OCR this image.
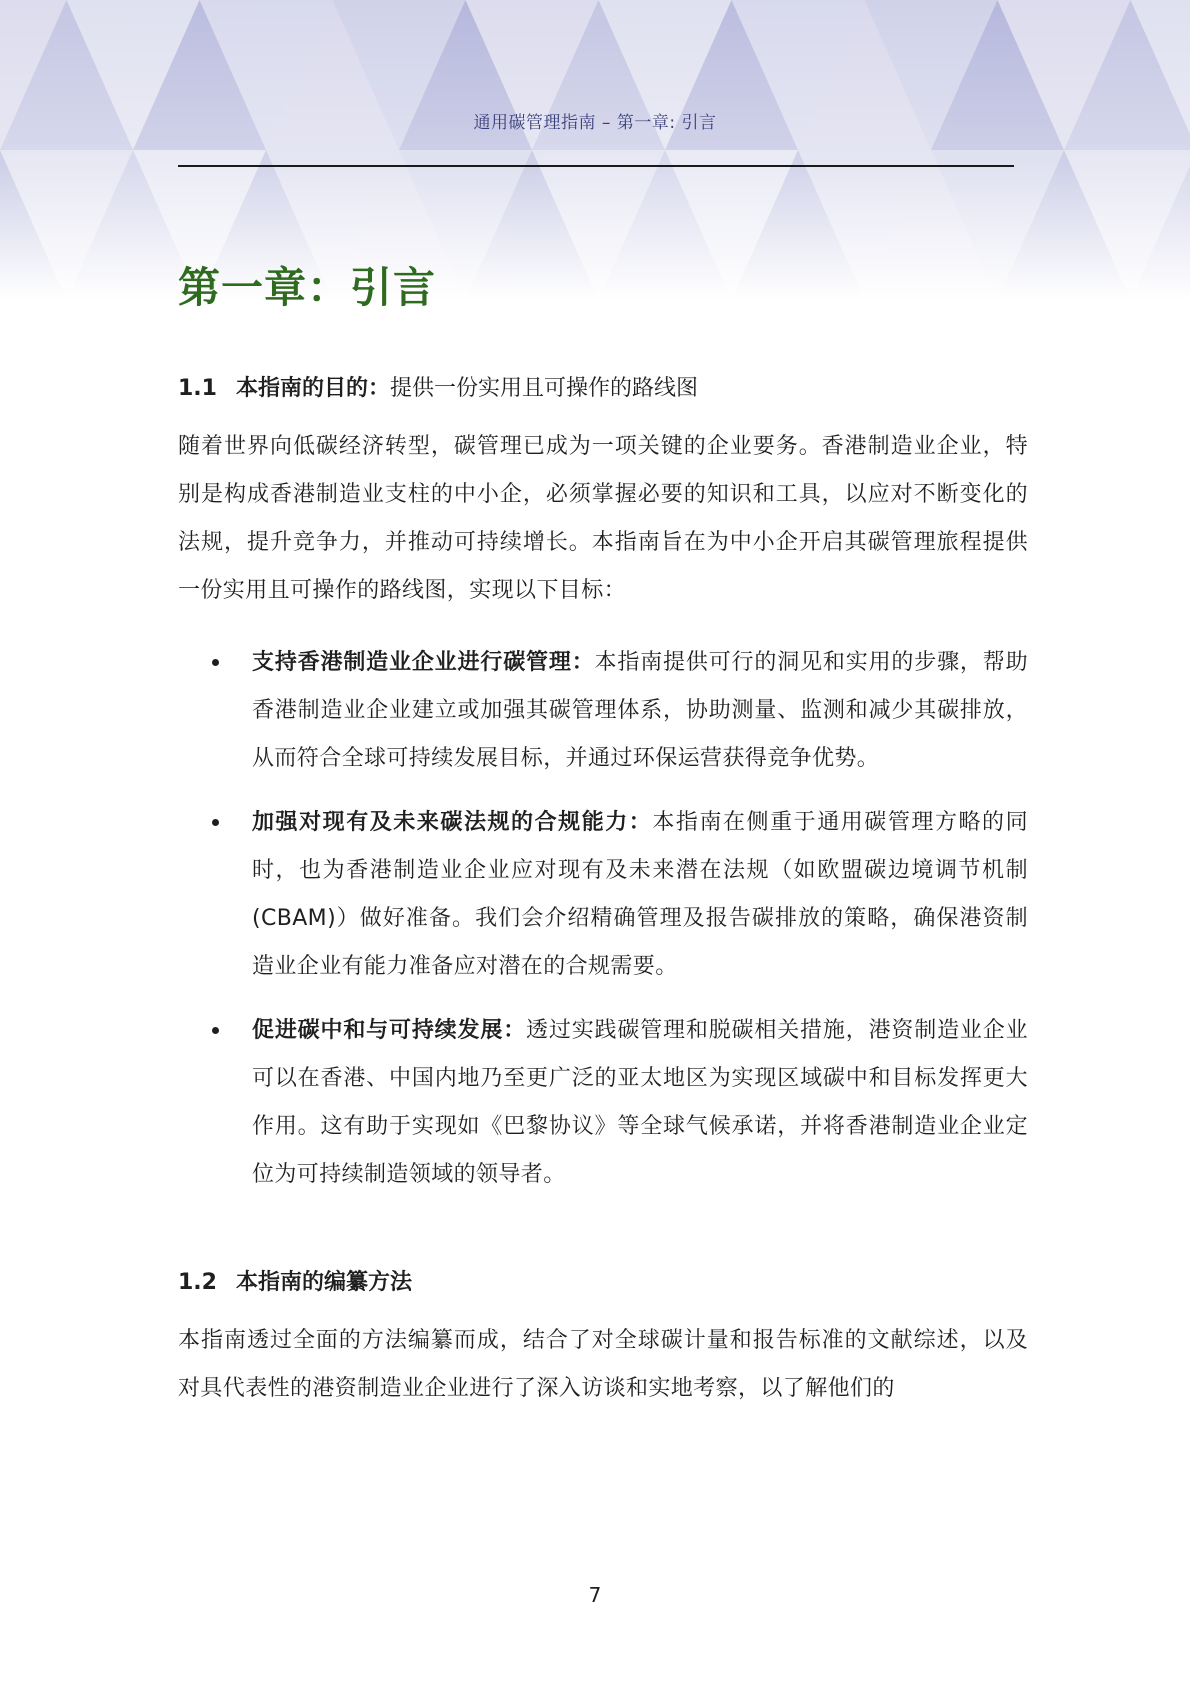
通用碳管理指南 – 第一章: 引言
第一章：引言
1.1 本指南的目的：提供一份实用且可操作的路线图

随着世界向低碳经济转型，碳管理已成为一项关键的企业要务。香港制造业企业，特别是构成香港制造业支柱的中小企，必须掌握必要的知识和工具，以应对不断变化的法规，提升竞争力，并推动可持续增长。本指南旨在为中小企开启其碳管理旅程提供一份实用且可操作的路线图，实现以下目标：

支持香港制造业企业进行碳管理：本指南提供可行的洞见和实用的步骤，帮助香港制造业企业建立或加强其碳管理体系，协助测量、监测和减少其碳排放，从而符合全球可持续发展目标，并通过环保运营获得竞争优势。
加强对现有及未来碳法规的合规能力：本指南在侧重于通用碳管理方略的同时，也为香港制造业企业应对现有及未来潜在法规（如欧盟碳边境调节机制 (CBAM)）做好准备。我们会介绍精确管理及报告碳排放的策略，确保港资制造业企业有能力准备应对潜在的合规需要。
促进碳中和与可持续发展：透过实践碳管理和脱碳相关措施，港资制造业企业可以在香港、中国内地乃至更广泛的亚太地区为实现区域碳中和目标发挥更大作用。这有助于实现如《巴黎协议》等全球气候承诺，并将香港制造业企业定位为可持续制造领域的领导者。
1.2 本指南的编纂方法

本指南透过全面的方法编纂而成，结合了对全球碳计量和报告标准的文献综述，以及对具代表性的港资制造业企业进行了深入访谈和实地考察，以了解他们的

7
